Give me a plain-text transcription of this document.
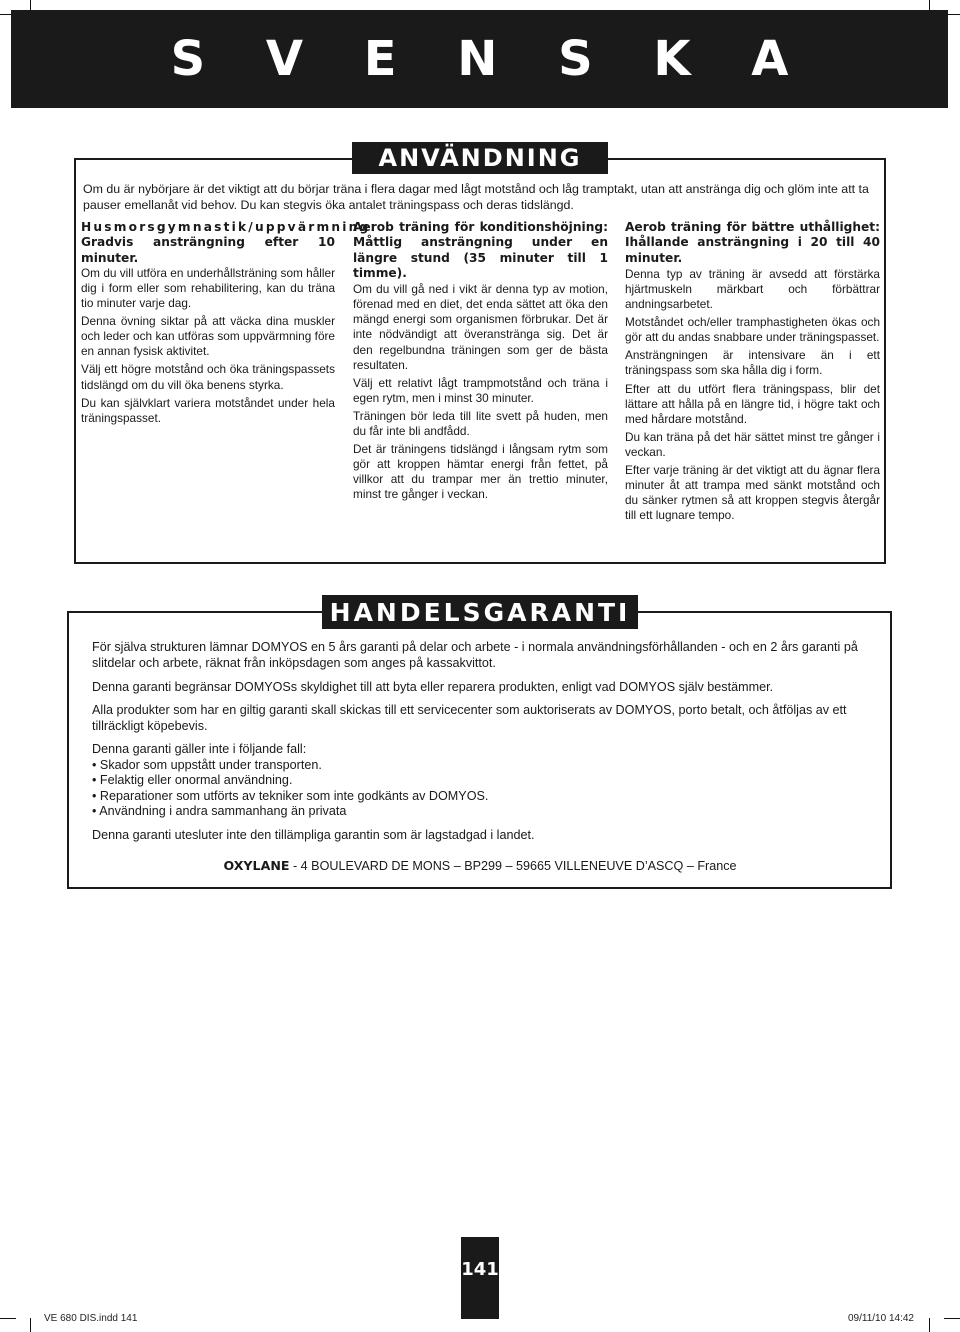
S V E N S K A
ANVÄNDNING
Om du är nybörjare är det viktigt att du börjar träna i flera dagar med lågt motstånd och låg tramptakt, utan att anstränga dig och glöm inte att ta pauser emellanåt vid behov. Du kan stegvis öka antalet träningspass och deras tidslängd.
Husmorsgymnastik/uppvärmning:
Gradvis ansträngning efter 10 minuter.

Om du vill utföra en underhållsträning som håller dig i form eller som rehabilitering, kan du träna tio minuter varje dag.

Denna övning siktar på att väcka dina muskler och leder och kan utföras som uppvärmning före en annan fysisk aktivitet.

Välj ett högre motstånd och öka träningspassets tidslängd om du vill öka benens styrka.

Du kan självklart variera motståndet under hela träningspasset.

Aerob träning för konditionshöjning: Måttlig ansträngning under en längre stund (35 minuter till 1 timme).

Om du vill gå ned i vikt är denna typ av motion, förenad med en diet, det enda sättet att öka den mängd energi som organismen förbrukar. Det är inte nödvändigt att överanstränga sig. Det är den regelbundna träningen som ger de bästa resultaten.

Välj ett relativt lågt trampmotstånd och träna i egen rytm, men i minst 30 minuter.

Träningen bör leda till lite svett på huden, men du får inte bli andfådd.

Det är träningens tidslängd i långsam rytm som gör att kroppen hämtar energi från fettet, på villkor att du trampar mer än trettio minuter, minst tre gånger i veckan.

Aerob träning för bättre uthållighet: Ihållande ansträngning i 20 till 40 minuter.

Denna typ av träning är avsedd att förstärka hjärtmuskeln märkbart och förbättrar andningsarbetet.

Motståndet och/eller tramphastigheten ökas och gör att du andas snabbare under träningspasset.

Ansträngningen är intensivare än i ett träningspass som ska hålla dig i form.

Efter att du utfört flera träningspass, blir det lättare att hålla på en längre tid, i högre takt och med hårdare motstånd.

Du kan träna på det här sättet minst tre gånger i veckan.

Efter varje träning är det viktigt att du ägnar flera minuter åt att trampa med sänkt motstånd och du sänker rytmen så att kroppen stegvis återgår till ett lugnare tempo.

HANDELSGARANTI
För själva strukturen lämnar DOMYOS en 5 års garanti på delar och arbete - i normala användningsförhållanden - och en 2 års garanti på slitdelar och arbete, räknat från inköpsdagen som anges på kassakvittot.
Denna garanti begränsar DOMYOSs skyldighet till att byta eller reparera produkten, enligt vad DOMYOS själv bestämmer.
Alla produkter som har en giltig garanti skall skickas till ett servicecenter som auktoriserats av DOMYOS, porto betalt, och åtföljas av ett tillräckligt köpebevis.

Denna garanti gäller inte i följande fall:

• Skador som uppstått under transporten.
• Felaktig eller onormal användning.
• Reparationer som utförts av tekniker som inte godkänts av DOMYOS.
• Användning i andra sammanhang än privata
Denna garanti utesluter inte den tillämpliga garantin som är lagstadgad i landet.
OXYLANE - 4 BOULEVARD DE MONS – BP299 – 59665 VILLENEUVE D’ASCQ – France
141
VE 680 DIS.indd 141	09/11/10 14:42
